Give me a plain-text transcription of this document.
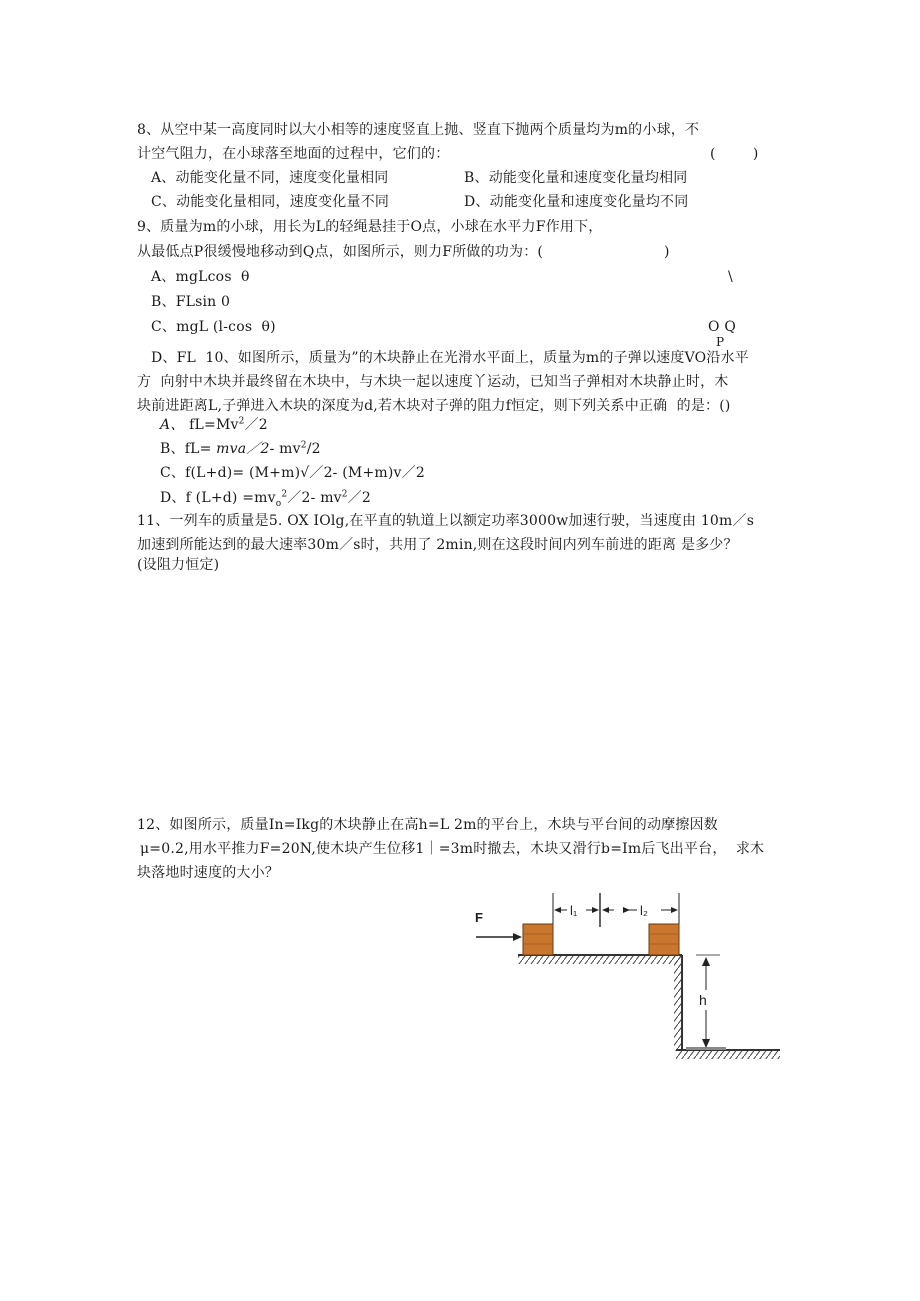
8、从空中某一高度同时以大小相等的速度竖直上抛、竖直下抛两个质量均为m的小球，不
计空气阻力，在小球落至地面的过程中，它们的：	(        )
A、动能变化量不同，速度变化量相同	B、动能变化量和速度变化量均相同
C、动能变化量相同，速度变化量不同	D、动能变化量和速度变化量均不同
9、质量为m的小球，用长为L的轻绳悬挂于O点，小球在水平力F作用下，
从最低点P很缓慢地移动到Q点，如图所示，则力F所做的功为：(	)
A、mgLcos  θ	\
B、FLsin 0
C、mgL (l-cos  θ)	O Q
P
D、FL  10、如图所示，质量为”的木块静止在光滑水平面上，质量为m的子弹以速度VO沿水平
方  向射中木块并最终留在木块中，与木块一起以速度丫运动，已知当子弹相对木块静止时，木
块前进距离L,子弹进入木块的深度为d,若木块对子弹的阻力f恒定，则下列关系中正确  的是：()
A、 $fL=Mv^2/2$
B、fL= mva／2- $mv^2/2$
C、f(L+d)= (M+m)√／2- (M+m)v／2
D、f $(L+d) =mv_o^2/2-$ $mv^2/2$
11、一列车的质量是5. OX IOlg,在平直的轨道上以额定功率3000w加速行驶，当速度由 10m／s
加速到所能达到的最大速率30m／s时，共用了 2min,则在这段时间内列车前进的距离 是多少？
(设阻力恒定)
12、如图所示，质量In=Ikg的木块静止在高h=L 2m的平台上，木块与平台间的动摩擦因数
μ=0.2,用水平推力F=20N,使木块产生位移1｜=3m时撤去，木块又滑行b=Im后飞出平台，  求木
块落地时速度的大小？
F	l₁	l₂
h
